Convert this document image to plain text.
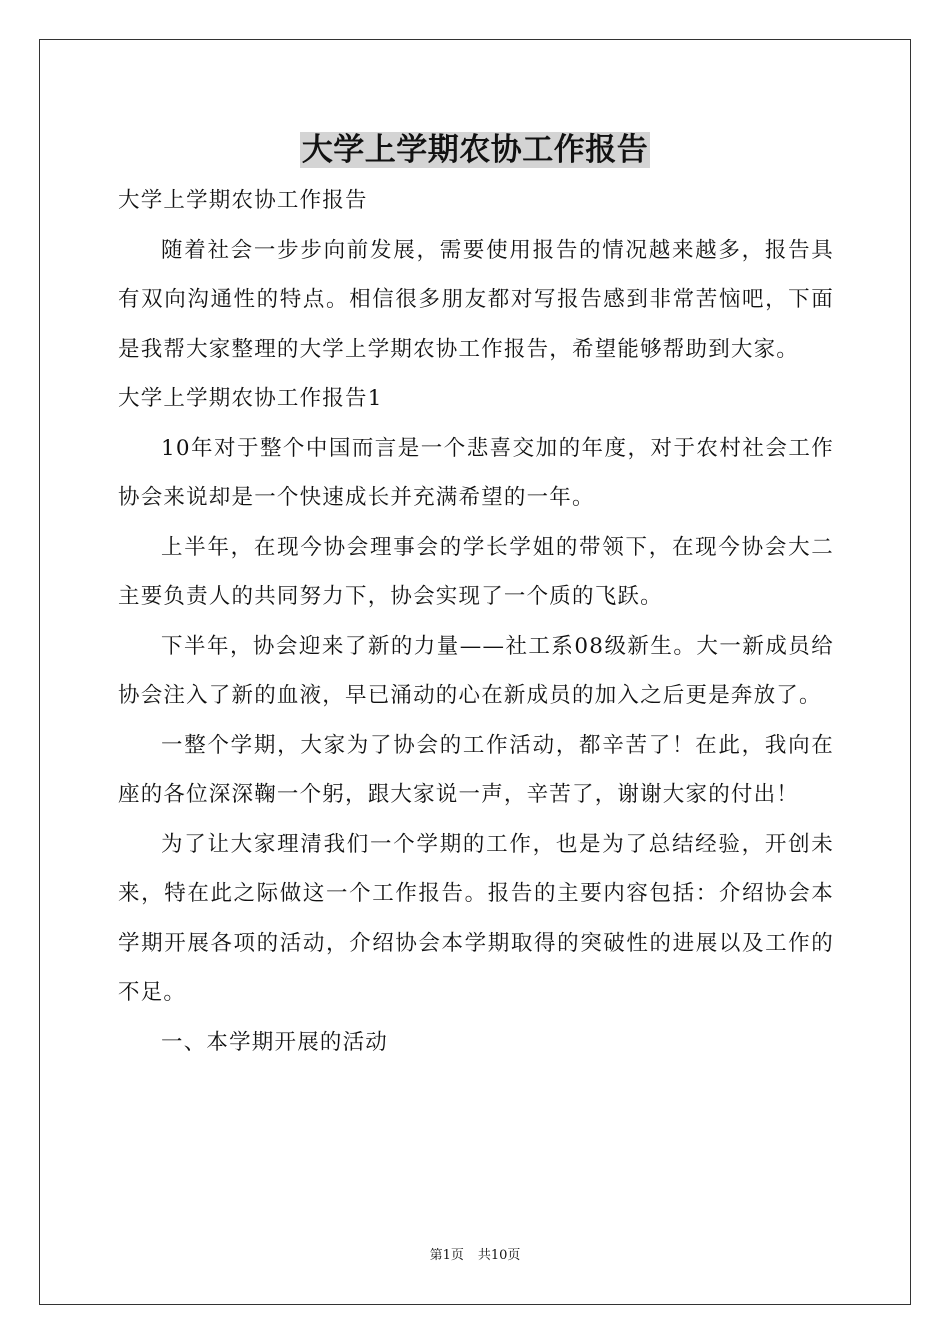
大学上学期农协工作报告

大学上学期农协工作报告

随着社会一步步向前发展，需要使用报告的情况越来越多，报告具有双向沟通性的特点。相信很多朋友都对写报告感到非常苦恼吧，下面是我帮大家整理的大学上学期农协工作报告，希望能够帮助到大家。

大学上学期农协工作报告1

10年对于整个中国而言是一个悲喜交加的年度，对于农村社会工作协会来说却是一个快速成长并充满希望的一年。

上半年，在现今协会理事会的学长学姐的带领下，在现今协会大二主要负责人的共同努力下，协会实现了一个质的飞跃。

下半年，协会迎来了新的力量——社工系08级新生。大一新成员给协会注入了新的血液，早已涌动的心在新成员的加入之后更是奔放了。

一整个学期，大家为了协会的工作活动，都辛苦了！在此，我向在座的各位深深鞠一个躬，跟大家说一声，辛苦了，谢谢大家的付出！

为了让大家理清我们一个学期的工作，也是为了总结经验，开创未来，特在此之际做这一个工作报告。报告的主要内容包括：介绍协会本学期开展各项的活动，介绍协会本学期取得的突破性的进展以及工作的不足。

一、本学期开展的活动

第1页 共10页
